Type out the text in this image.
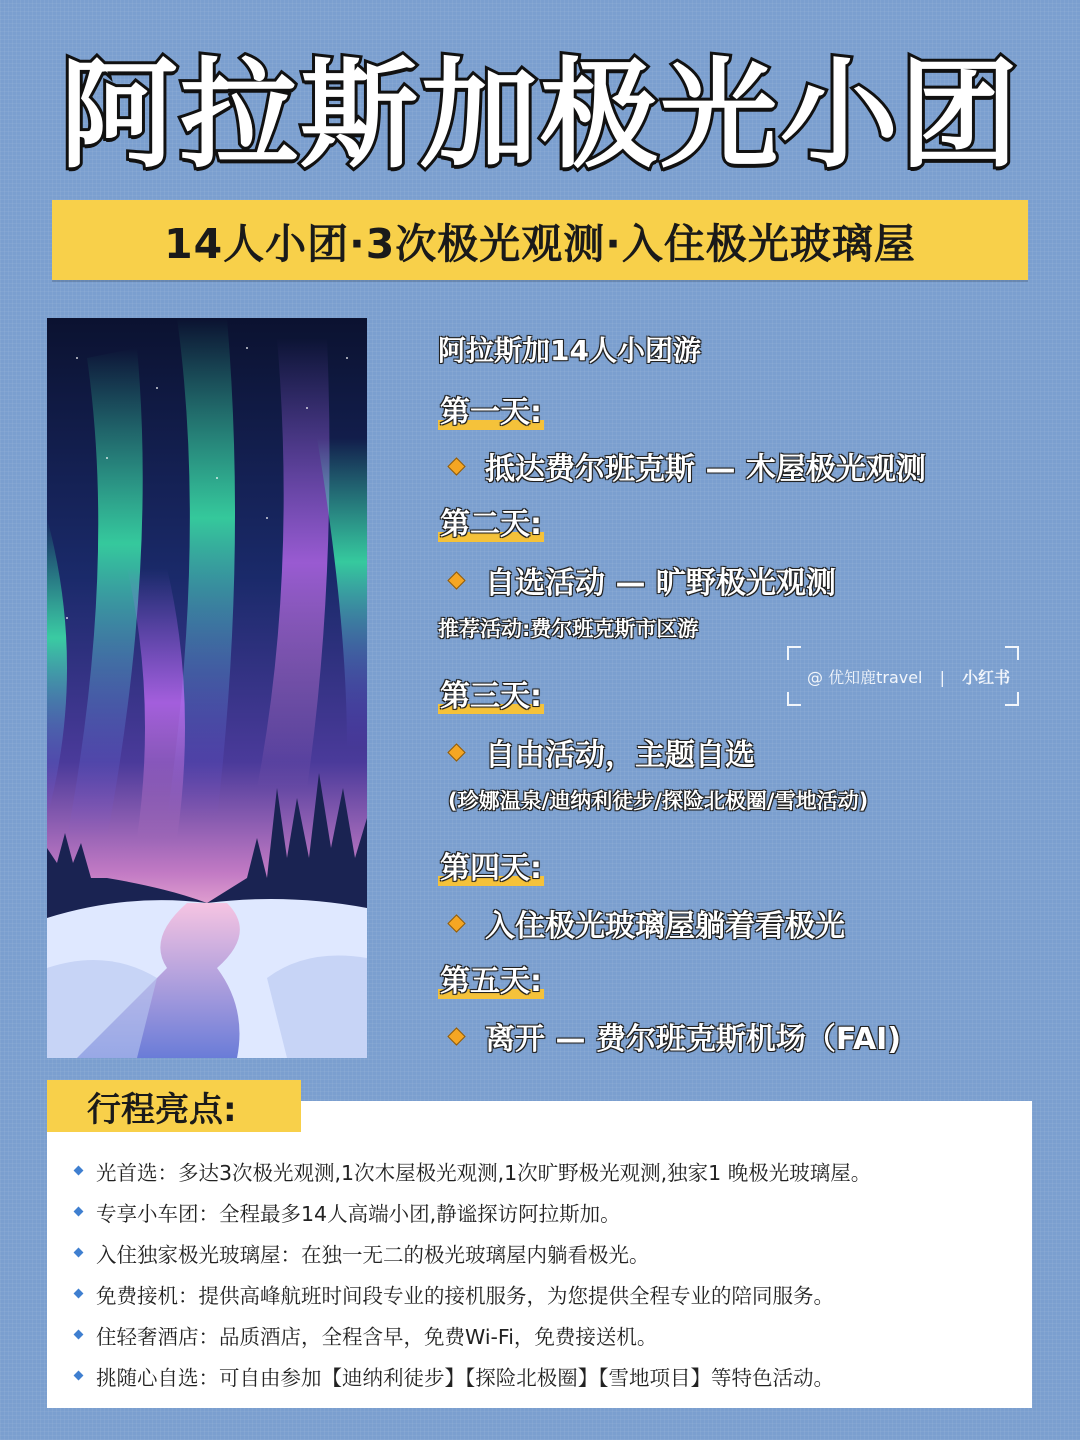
阿拉斯加极光小团
14人小团·3次极光观测·入住极光玻璃屋
阿拉斯加14人小团游
第一天:
抵达费尔班克斯 — 木屋极光观测
第二天:
自选活动 — 旷野极光观测
推荐活动:费尔班克斯市区游
第三天:
自由活动，主题自选
(珍娜温泉/迪纳利徒步/探险北极圈/雪地活动)
第四天:
入住极光玻璃屋躺着看极光
第五天:
离开 — 费尔班克斯机场（FAI)
@ 优知鹿travel | 小红书
行程亮点:
光首选：多达3次极光观测,1次木屋极光观测,1次旷野极光观测,独家1 晚极光玻璃屋。
专享小车团：全程最多14人高端小团,静谧探访阿拉斯加。
入住独家极光玻璃屋：在独一无二的极光玻璃屋内躺看极光。
免费接机：提供高峰航班时间段专业的接机服务，为您提供全程专业的陪同服务。
住轻奢酒店：品质酒店，全程含早，免费Wi-Fi，免费接送机。
挑随心自选：可自由参加【迪纳利徒步】【探险北极圈】【雪地项目】等特色活动。
